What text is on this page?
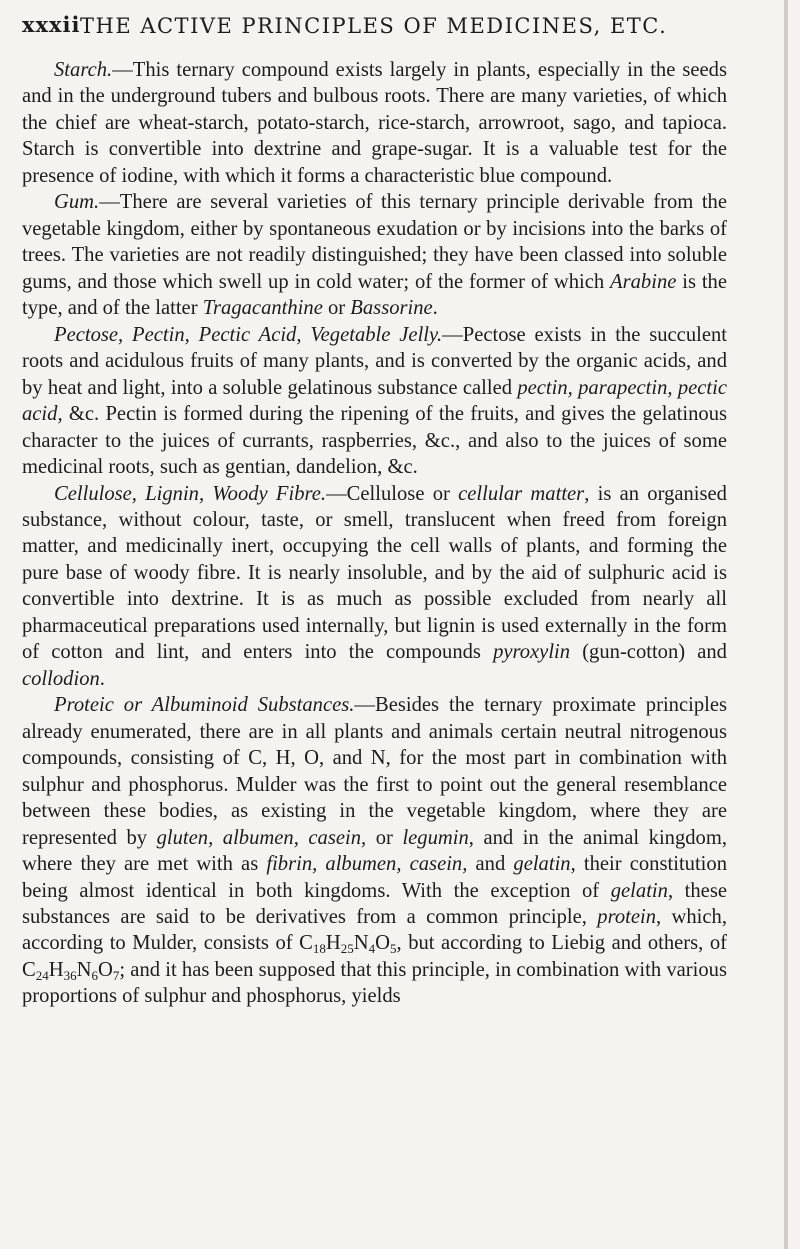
xxxii THE ACTIVE PRINCIPLES OF MEDICINES, ETC.

Starch.—This ternary compound exists largely in plants, especially in the seeds and in the underground tubers and bulbous roots. There are many varieties, of which the chief are wheat-starch, potato-starch, rice-starch, arrowroot, sago, and tapioca. Starch is convertible into dextrine and grape-sugar. It is a valuable test for the presence of iodine, with which it forms a characteristic blue compound.

Gum.—There are several varieties of this ternary principle derivable from the vegetable kingdom, either by spontaneous exudation or by incisions into the barks of trees. The varieties are not readily distinguished; they have been classed into soluble gums, and those which swell up in cold water; of the former of which Arabine is the type, and of the latter Tragacanthine or Bassorine.

Pectose, Pectin, Pectic Acid, Vegetable Jelly.—Pectose exists in the succulent roots and acidulous fruits of many plants, and is converted by the organic acids, and by heat and light, into a soluble gelatinous substance called pectin, parapectin, pectic acid, &c. Pectin is formed during the ripening of the fruits, and gives the gelatinous character to the juices of currants, raspberries, &c., and also to the juices of some medicinal roots, such as gentian, dandelion, &c.

Cellulose, Lignin, Woody Fibre.—Cellulose or cellular matter, is an organised substance, without colour, taste, or smell, translucent when freed from foreign matter, and medicinally inert, occupying the cell walls of plants, and forming the pure base of woody fibre. It is nearly insoluble, and by the aid of sulphuric acid is convertible into dextrine. It is as much as possible excluded from nearly all pharmaceutical preparations used internally, but lignin is used externally in the form of cotton and lint, and enters into the compounds pyroxylin (gun-cotton) and collodion.

Proteic or Albuminoid Substances.—Besides the ternary proximate principles already enumerated, there are in all plants and animals certain neutral nitrogenous compounds, consisting of C, H, O, and N, for the most part in combination with sulphur and phosphorus. Mulder was the first to point out the general resemblance between these bodies, as existing in the vegetable kingdom, where they are represented by gluten, albumen, casein, or legumin, and in the animal kingdom, where they are met with as fibrin, albumen, casein, and gelatin, their constitution being almost identical in both kingdoms. With the exception of gelatin, these substances are said to be derivatives from a common principle, protein, which, according to Mulder, consists of $C_{18}H_{25}N_4O_5$, but according to Liebig and others, of $C_{24}H_{36}N_6O_7$; and it has been supposed that this principle, in combination with various proportions of sulphur and phosphorus, yields
